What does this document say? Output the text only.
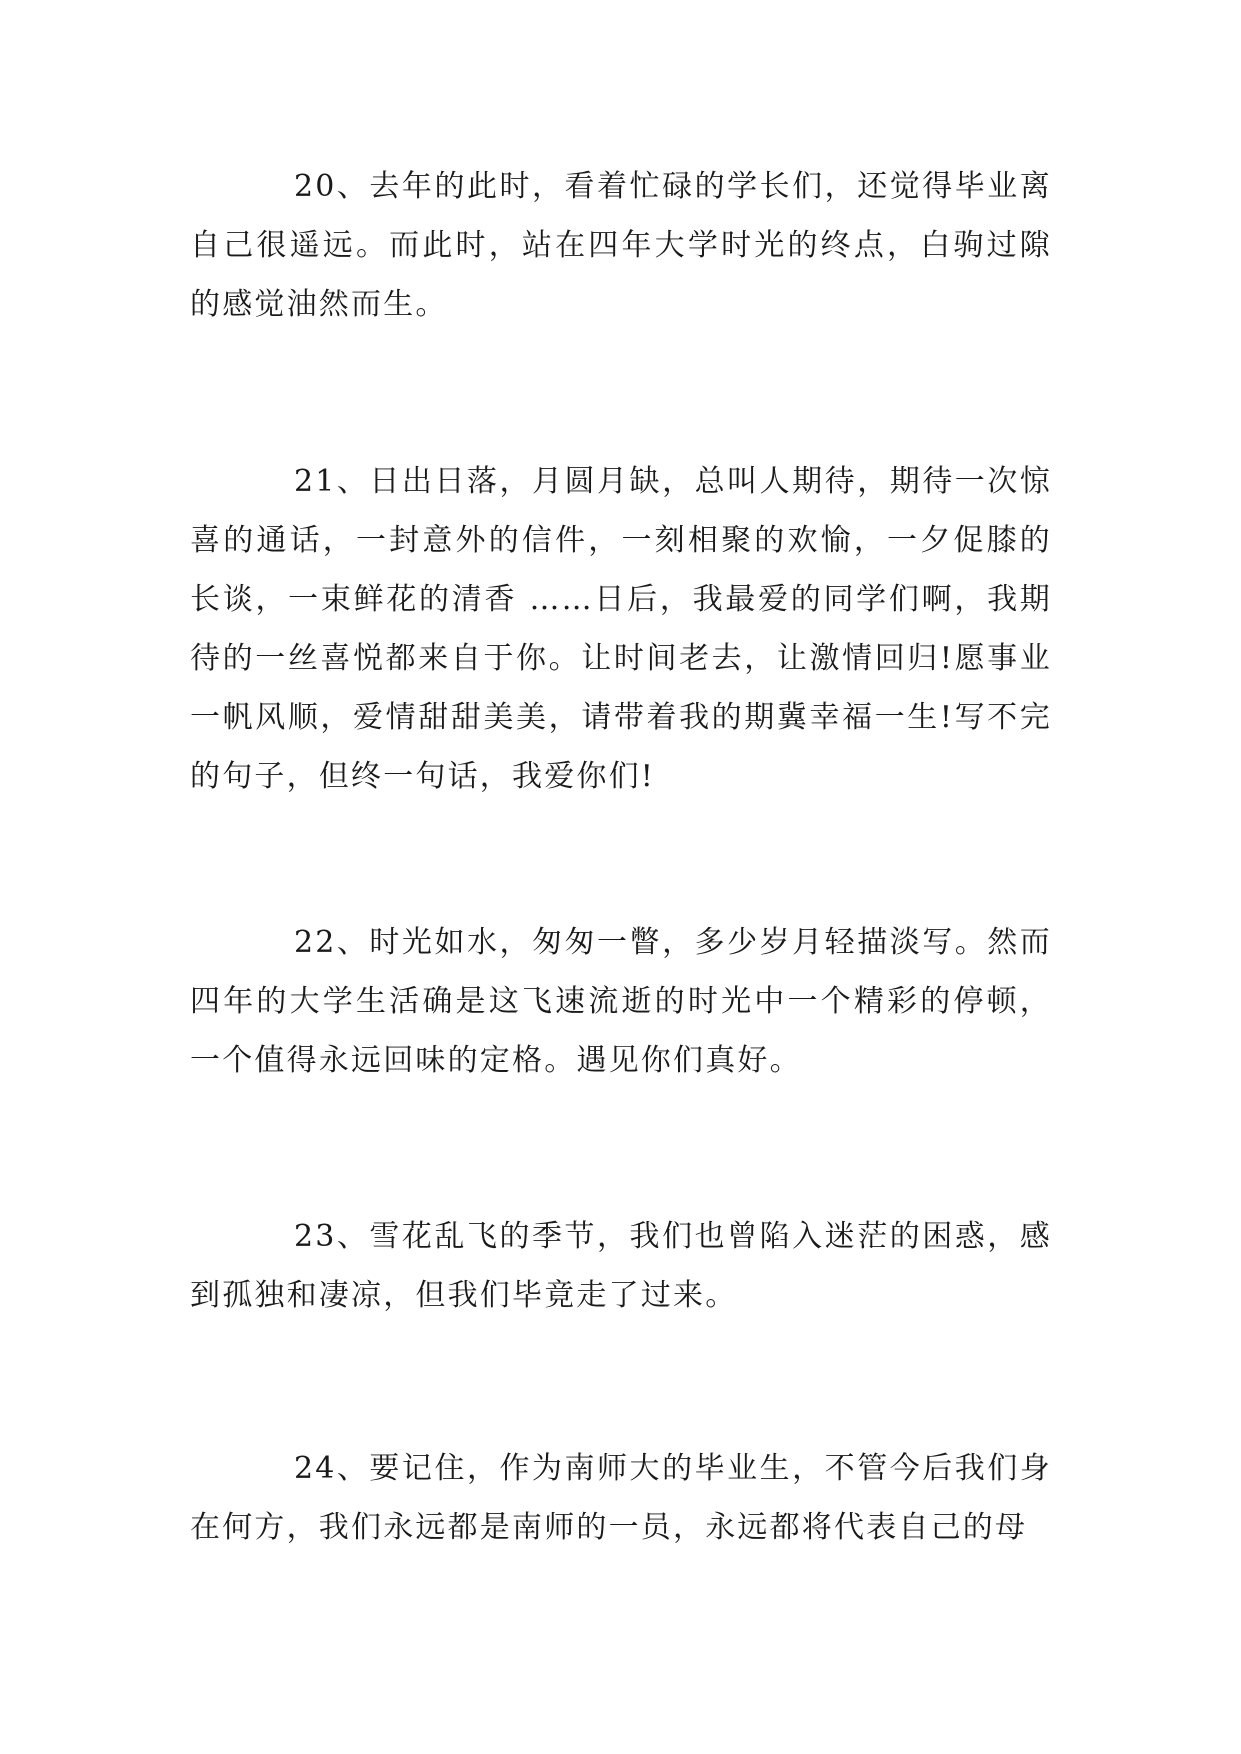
20、去年的此时，看着忙碌的学长们，还觉得毕业离自己很遥远。而此时，站在四年大学时光的终点，白驹过隙的感觉油然而生。

21、日出日落，月圆月缺，总叫人期待，期待一次惊喜的通话，一封意外的信件，一刻相聚的欢愉，一夕促膝的长谈，一束鲜花的清香 ……日后，我最爱的同学们啊，我期待的一丝喜悦都来自于你。让时间老去，让激情回归!愿事业一帆风顺，爱情甜甜美美，请带着我的期冀幸福一生!写不完的句子，但终一句话，我爱你们!

22、时光如水，匆匆一瞥，多少岁月轻描淡写。然而四年的大学生活确是这飞速流逝的时光中一个精彩的停顿，一个值得永远回味的定格。遇见你们真好。

23、雪花乱飞的季节，我们也曾陷入迷茫的困惑，感到孤独和凄凉，但我们毕竟走了过来。

24、要记住，作为南师大的毕业生，不管今后我们身在何方，我们永远都是南师的一员，永远都将代表自己的母
